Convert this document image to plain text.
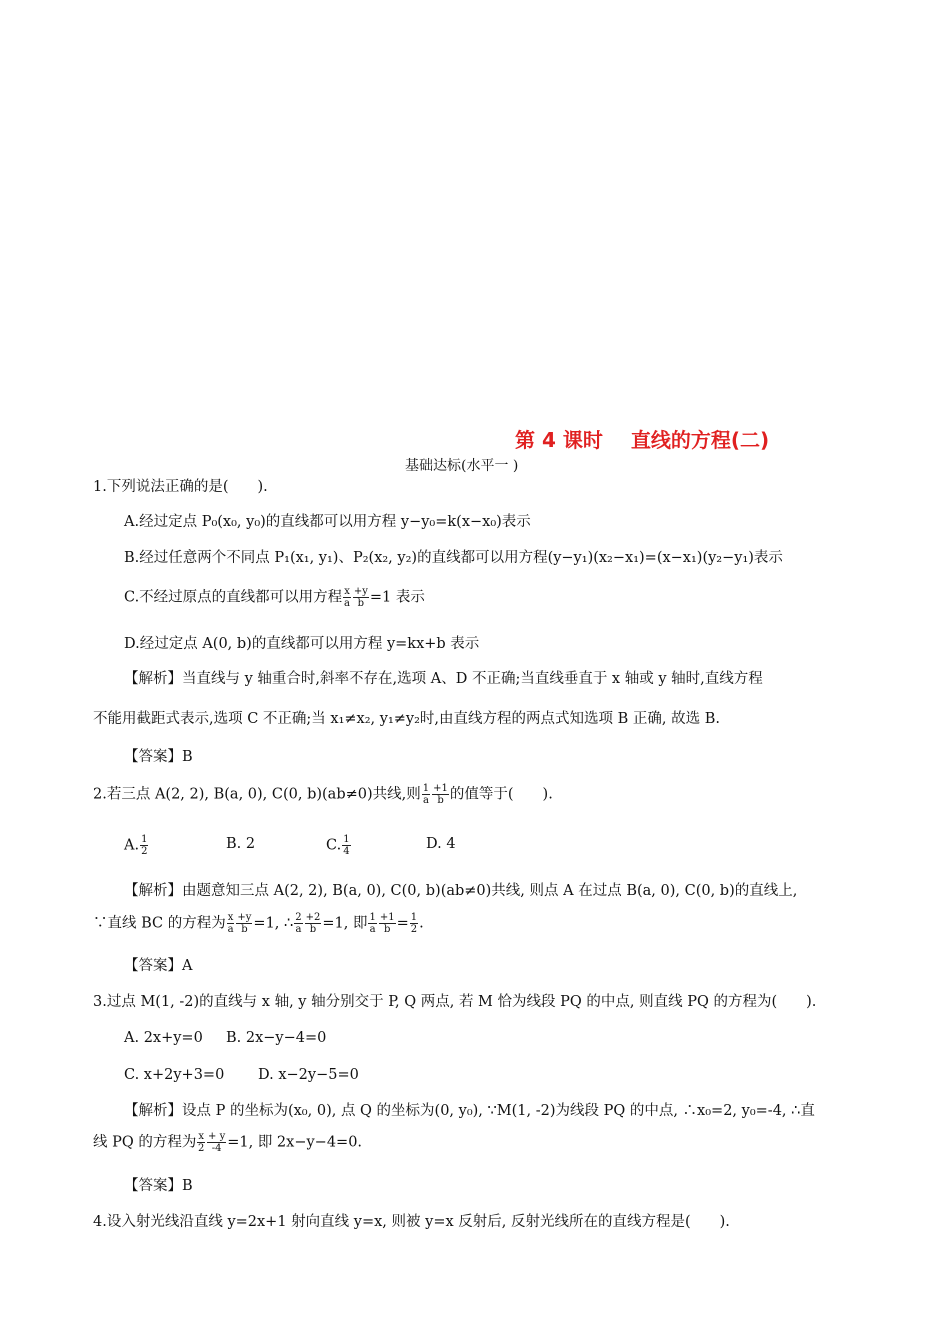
第 4 课时 直线的方程(二)
基础达标(水平一 )
1.下列说法正确的是(　　).
A.经过定点 P₀(x₀, y₀)的直线都可以用方程 y−y₀=k(x−x₀)表示
B.经过任意两个不同点 P₁(x₁, y₁)、P₂(x₂, y₂)的直线都可以用方程(y−y₁)(x₂−x₁)=(x−x₁)(y₂−y₁)表示
C.不经过原点的直线都可以用方程 $\frac{x}{a} \frac{+y}{b} =1$ 表示
D.经过定点 A(0, b)的直线都可以用方程 y=kx+b 表示
【解析】当直线与 y 轴重合时,斜率不存在,选项 A、D 不正确;当直线垂直于 x 轴或 y 轴时,直线方程
不能用截距式表示,选项 C 不正确;当 x₁≠x₂, y₁≠y₂时,由直线方程的两点式知选项 B 正确, 故选 B.
【答案】B
2.若三点 A(2, 2), B(a, 0), C(0, b)(ab≠0)共线,则 $\frac{1}{a} \frac{+1}{b}$ 的值等于(　　).
A. $\frac{1}{2}$	B. 2	C. $\frac{1}{4}$	D. 4
【解析】由题意知三点 A(2, 2), B(a, 0), C(0, b)(ab≠0)共线, 则点 A 在过点 B(a, 0), C(0, b)的直线上,
∵直线 BC 的方程为 $\frac{x}{a} \frac{+y}{b} =1$, ∴ $\frac{2}{a} \frac{+2}{b} =1$, 即 $\frac{1}{a} \frac{+1}{b} = \frac{1}{2}$ .
【答案】A
3.过点 M(1, -2)的直线与 x 轴, y 轴分别交于 P, Q 两点, 若 M 恰为线段 PQ 的中点, 则直线 PQ 的方程为(　　).
A. 2x+y=0 B. 2x−y−4=0
C. x+2y+3=0 D. x−2y−5=0
【解析】设点 P 的坐标为(x₀, 0), 点 Q 的坐标为(0, y₀), ∵M(1, -2)为线段 PQ 的中点, ∴x₀=2, y₀=-4, ∴直
线 PQ 的方程为 $\frac{x}{2} \frac{+ y}{-4} =1$, 即 2x−y−4=0.
【答案】B
4.设入射光线沿直线 y=2x+1 射向直线 y=x, 则被 y=x 反射后, 反射光线所在的直线方程是(　　).
